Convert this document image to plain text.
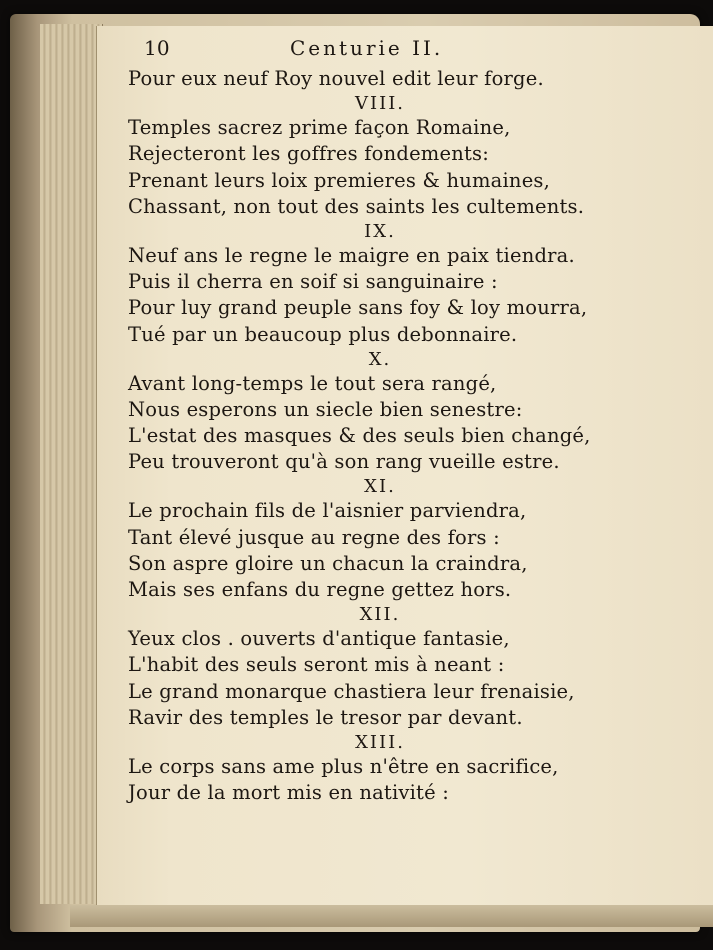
10	Centurie II.
Pour eux neuf Roy nouvel edit leur forge.
VIII.
Temples sacrez prime façon Romaine,
Rejecteront les goffres fondements:
Prenant leurs loix premieres & humaines,
Chassant, non tout des saints les cultements.
IX.
Neuf ans le regne le maigre en paix tiendra.
Puis il cherra en soif si sanguinaire :
Pour luy grand peuple sans foy & loy mourra,
Tué par un beaucoup plus debonnaire.
X.
Avant long-temps le tout sera rangé,
Nous esperons un siecle bien senestre:
L'estat des masques & des seuls bien changé,
Peu trouveront qu'à son rang vueille estre.
XI.
Le prochain fils de l'aisnier parviendra,
Tant élevé jusque au regne des fors :
Son aspre gloire un chacun la craindra,
Mais ses enfans du regne gettez hors.
XII.
Yeux clos . ouverts d'antique fantasie,
L'habit des seuls seront mis à neant :
Le grand monarque chastiera leur frenaisie,
Ravir des temples le tresor par devant.
XIII.
Le corps sans ame plus n'être en sacrifice,
Jour de la mort mis en nativité :
